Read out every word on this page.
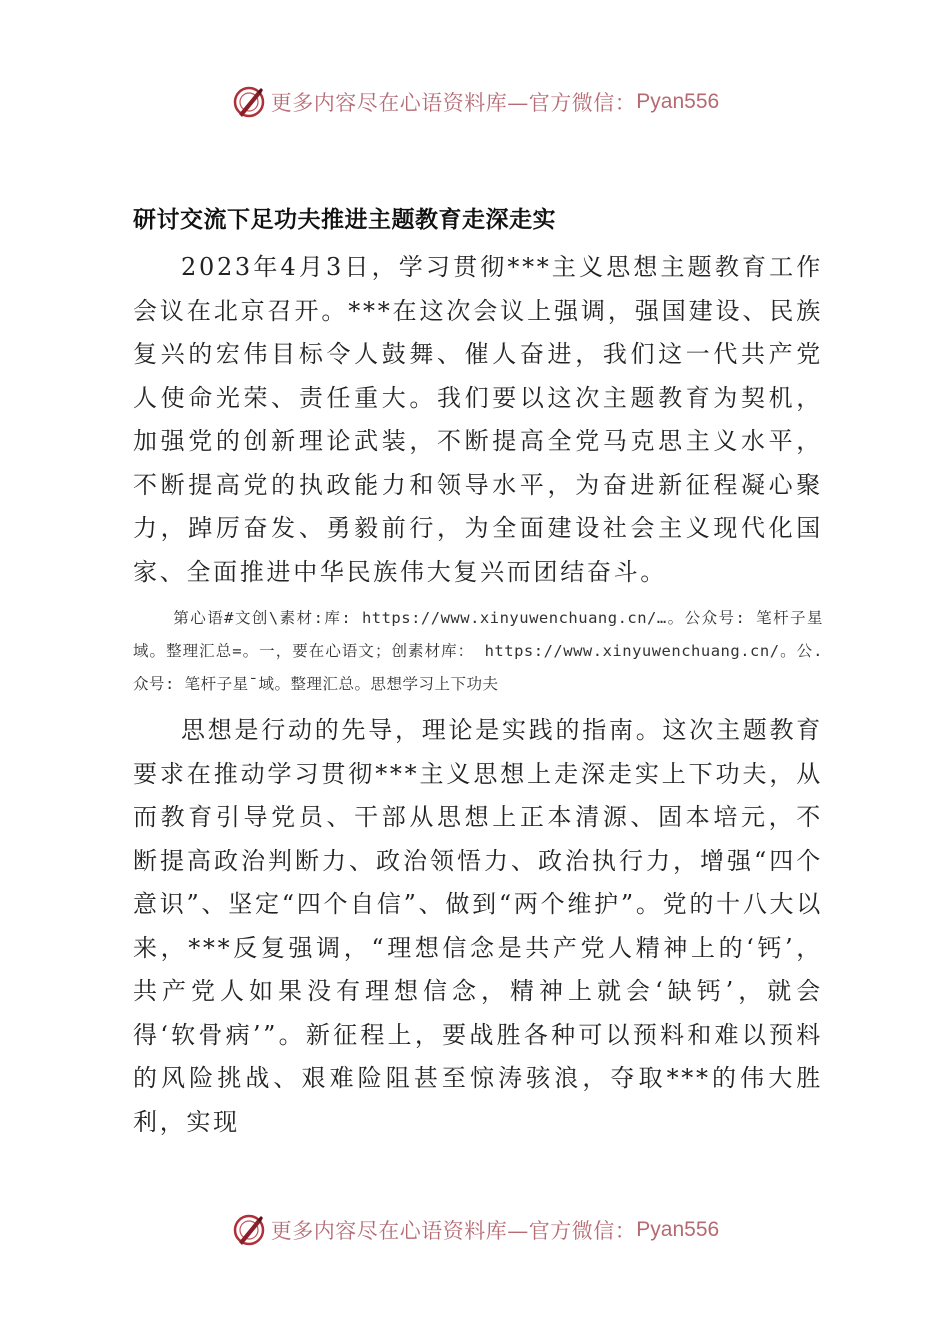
更多内容尽在心语资料库—官方微信： Pyan556
研讨交流下足功夫推进主题教育走深走实

2023年4月3日，学习贯彻***主义思想主题教育工作会议在北京召开。***在这次会议上强调，强国建设、民族复兴的宏伟目标令人鼓舞、催人奋进，我们这一代共产党人使命光荣、责任重大。我们要以这次主题教育为契机，加强党的创新理论武装，不断提高全党马克思主义水平，不断提高党的执政能力和领导水平，为奋进新征程凝心聚力，踔厉奋发、勇毅前行，为全面建设社会主义现代化国家、全面推进中华民族伟大复兴而团结奋斗。

第心语#文创\素材:库: https://www.xinyuwenchuang.cn/…。公众号: 笔杆子星域。整理汇总=。一，要在心语文；创素材库： https://www.xinyuwenchuang.cn/。公.众号: 笔杆子星¯域。整理汇总。思想学习上下功夫

思想是行动的先导，理论是实践的指南。这次主题教育要求在推动学习贯彻***主义思想上走深走实上下功夫，从而教育引导党员、干部从思想上正本清源、固本培元，不断提高政治判断力、政治领悟力、政治执行力，增强“四个意识”、坚定“四个自信”、做到“两个维护”。党的十八大以来，***反复强调，“理想信念是共产党人精神上的‘钙’，共产党人如果没有理想信念，精神上就会‘缺钙’，就会得‘软骨病’”。新征程上，要战胜各种可以预料和难以预料的风险挑战、艰难险阻甚至惊涛骇浪，夺取***的伟大胜利，实现

更多内容尽在心语资料库—官方微信： Pyan556
